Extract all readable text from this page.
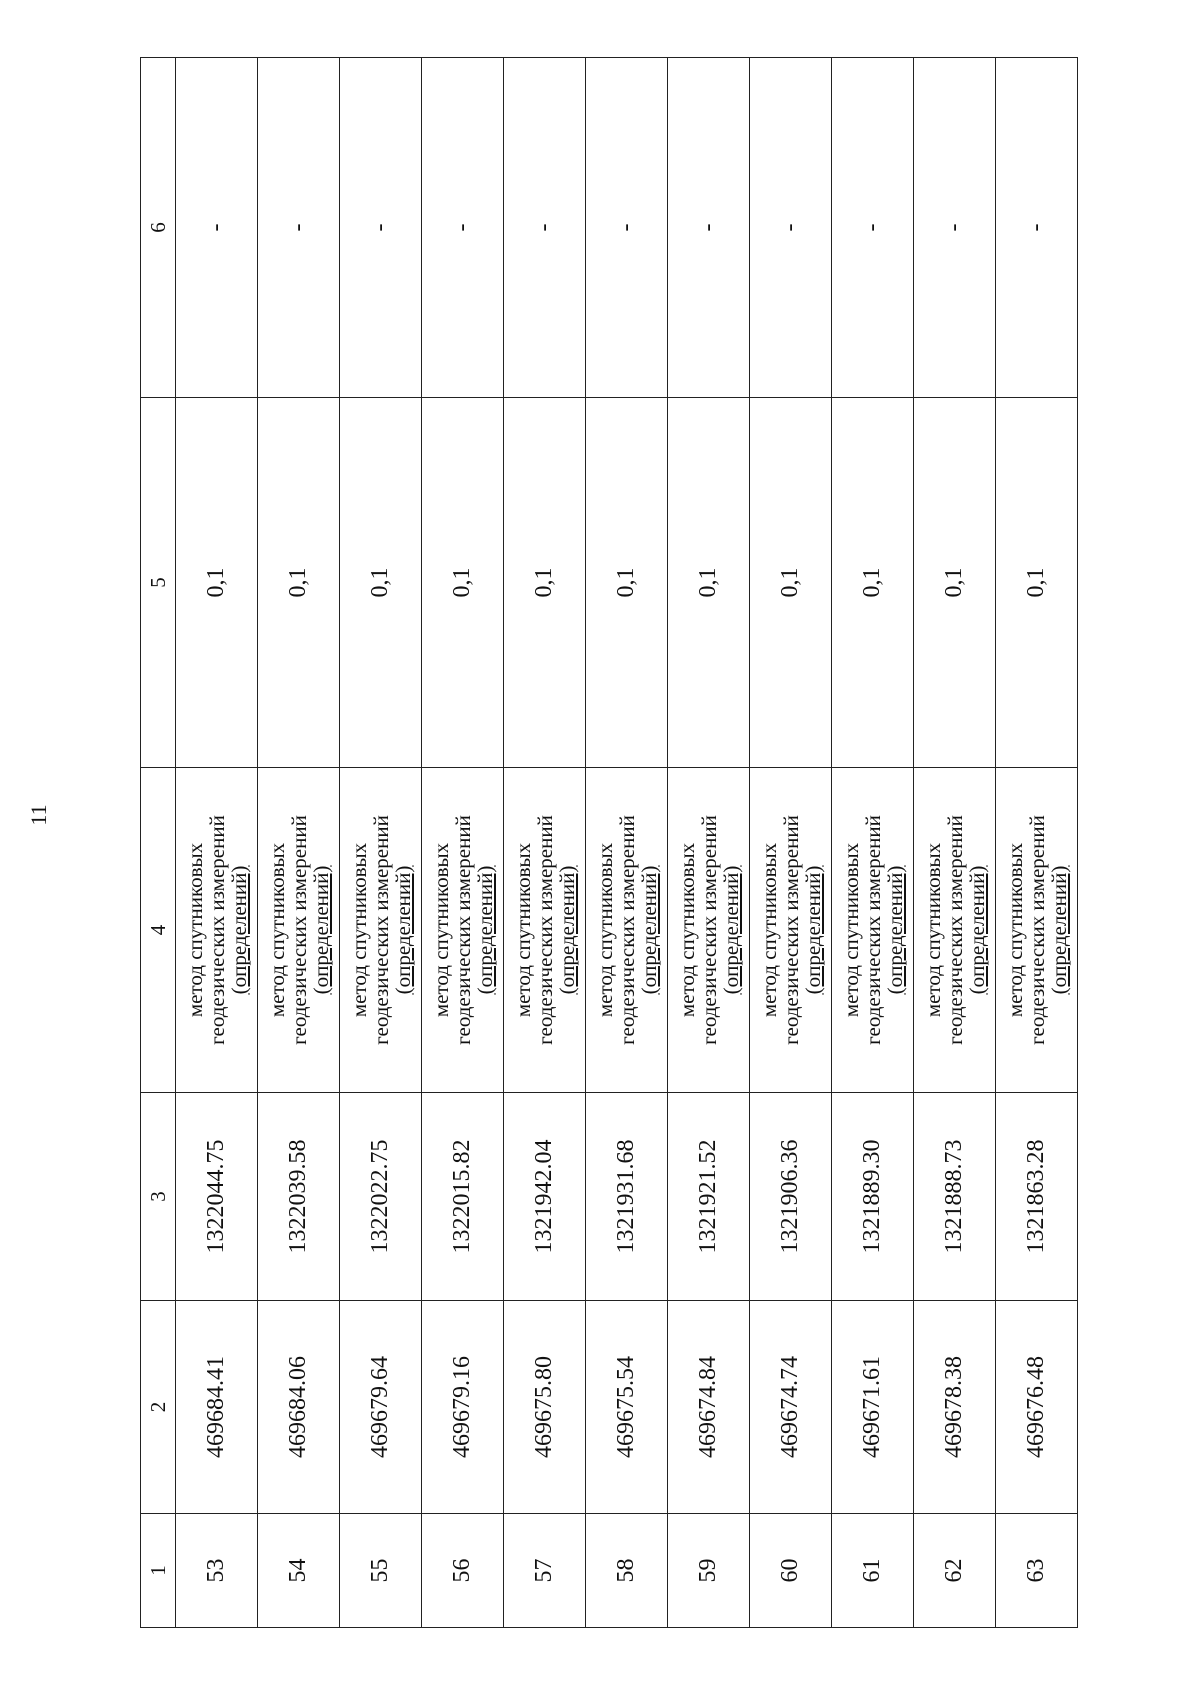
11
1	2	3	4	5	6
53	469684.41	1322044.75	метод спутниковых
геодезических измерений
(определений)	0,1	-
54	469684.06	1322039.58	метод спутниковых
геодезических измерений
(определений)	0,1	-
55	469679.64	1322022.75	метод спутниковых
геодезических измерений
(определений)	0,1	-
56	469679.16	1322015.82	метод спутниковых
геодезических измерений
(определений)	0,1	-
57	469675.80	1321942.04	метод спутниковых
геодезических измерений
(определений)	0,1	-
58	469675.54	1321931.68	метод спутниковых
геодезических измерений
(определений)	0,1	-
59	469674.84	1321921.52	метод спутниковых
геодезических измерений
(определений)	0,1	-
60	469674.74	1321906.36	метод спутниковых
геодезических измерений
(определений)	0,1	-
61	469671.61	1321889.30	метод спутниковых
геодезических измерений
(определений)	0,1	-
62	469678.38	1321888.73	метод спутниковых
геодезических измерений
(определений)	0,1	-
63	469676.48	1321863.28	метод спутниковых
геодезических измерений
(определений)	0,1	-
